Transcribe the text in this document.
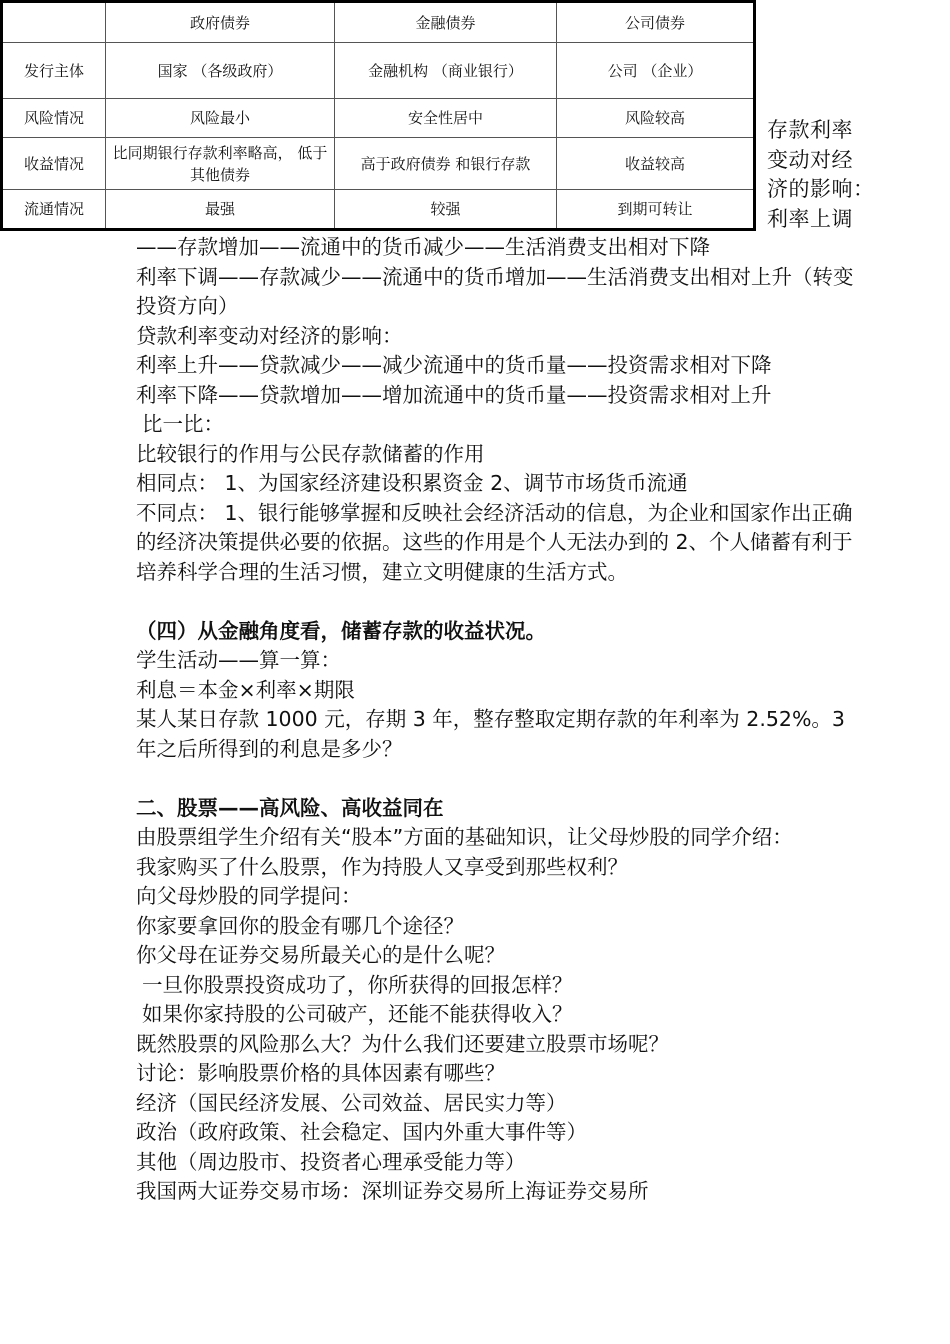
	政府债券	金融债券	公司债券
发行主体	国家 （各级政府）	金融机构 （商业银行）	公司 （企业）
风险情况	风险最小	安全性居中	风险较高
收益情况	比同期银行存款利率略高， 低于其他债券	高于政府债券 和银行存款	收益较高
流通情况	最强	较强	到期可转让
存款利率
变动对经
济的影响：
利率上调
——存款增加——流通中的货币减少——生活消费支出相对下降
利率下调——存款减少——流通中的货币增加——生活消费支出相对上升（转变投资方向）
贷款利率变动对经济的影响：
利率上升——贷款减少——减少流通中的货币量——投资需求相对下降
利率下降——贷款增加——增加流通中的货币量——投资需求相对上升
比一比：
比较银行的作用与公民存款储蓄的作用
相同点： 1、为国家经济建设积累资金 2、调节市场货币流通
不同点： 1、银行能够掌握和反映社会经济活动的信息，为企业和国家作出正确的经济决策提供必要的依据。这些的作用是个人无法办到的 2、个人储蓄有利于培养科学合理的生活习惯，建立文明健康的生活方式。
（四）从金融角度看，储蓄存款的收益状况。
学生活动——算一算：
利息＝本金×利率×期限
某人某日存款 1000 元，存期 3 年，整存整取定期存款的年利率为 2.52%。3 年之后所得到的利息是多少？
二、股票——高风险、高收益同在
由股票组学生介绍有关“股本”方面的基础知识，让父母炒股的同学介绍：
我家购买了什么股票，作为持股人又享受到那些权利？
向父母炒股的同学提问：
你家要拿回你的股金有哪几个途径？
你父母在证券交易所最关心的是什么呢？
一旦你股票投资成功了，你所获得的回报怎样？
如果你家持股的公司破产，还能不能获得收入？
既然股票的风险那么大？为什么我们还要建立股票市场呢？
讨论：影响股票价格的具体因素有哪些？
经济（国民经济发展、公司效益、居民实力等）
政治（政府政策、社会稳定、国内外重大事件等）
其他（周边股市、投资者心理承受能力等）
我国两大证券交易市场：深圳证券交易所上海证券交易所
